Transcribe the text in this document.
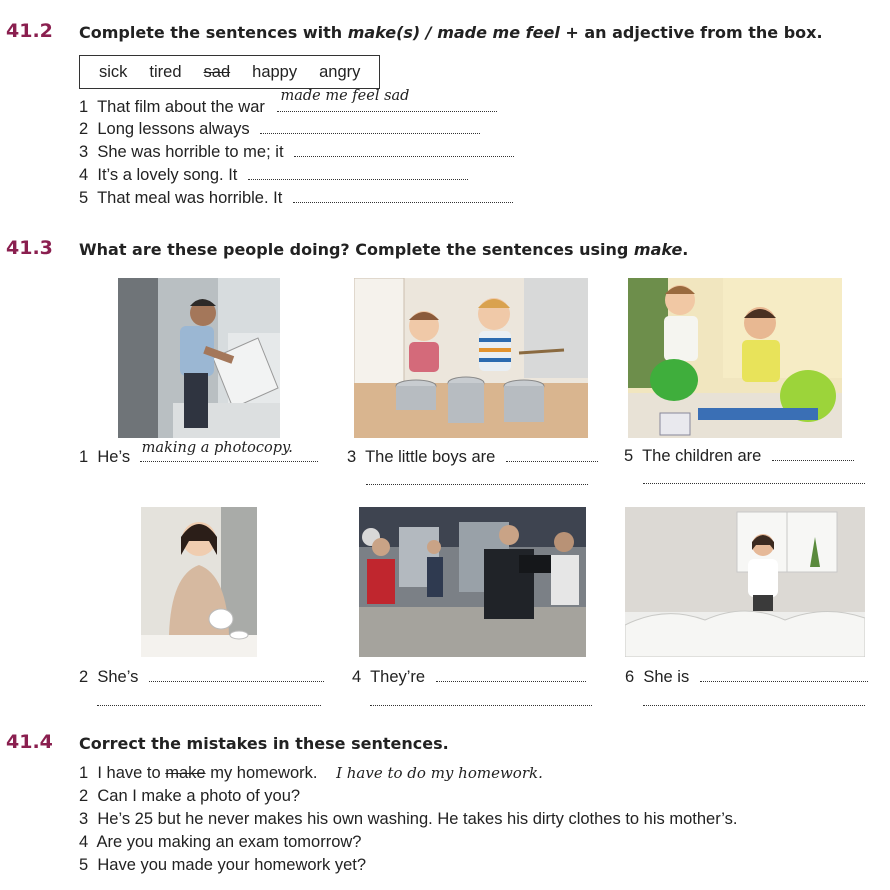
41.2 Complete the sentences with make(s) / made me feel + an adjective from the box.
sick tired sad happy angry
1 That film about the war
made me feel sad
2 Long lessons always
3 She was horrible to me; it
4 It’s a lovely song. It
5 That meal was horrible. It
41.3 What are these people doing? Complete the sentences using make.
1 He’s making a photocopy.	3 The little boys are	5 The children are
2 She’s	4 They’re	6 She is
41.4 Correct the mistakes in these sentences.
1 I have to make my homework. I have to do my homework.
2 Can I make a photo of you?
3 He’s 25 but he never makes his own washing. He takes his dirty clothes to his mother’s.
4 Are you making an exam tomorrow?
5 Have you made your homework yet?
